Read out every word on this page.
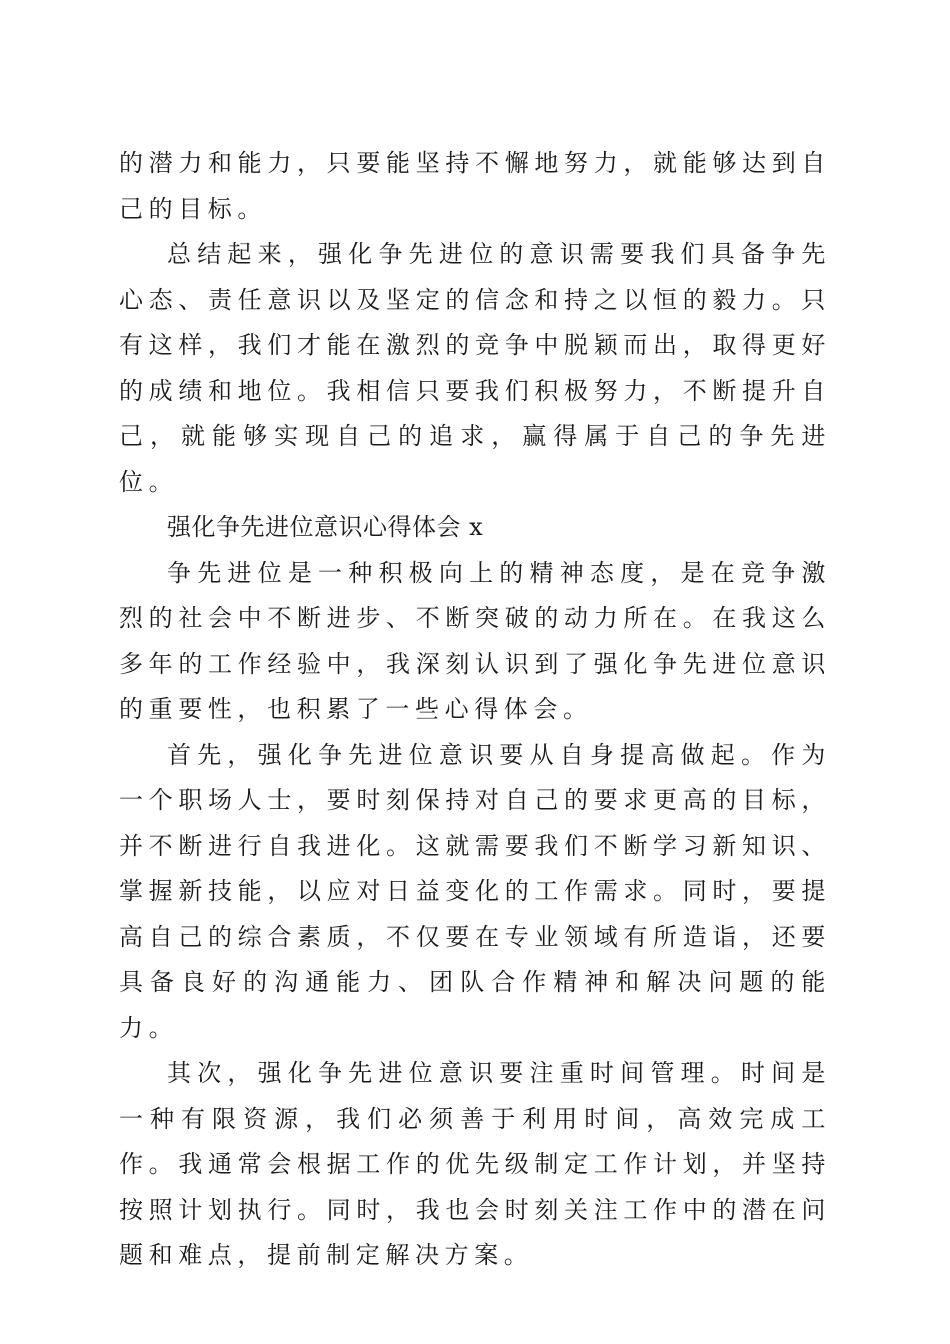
的潜力和能力，只要能坚持不懈地努力，就能够达到自己的目标。

总结起来，强化争先进位的意识需要我们具备争先心态、责任意识以及坚定的信念和持之以恒的毅力。只有这样，我们才能在激烈的竞争中脱颖而出，取得更好的成绩和地位。我相信只要我们积极努力，不断提升自己，就能够实现自己的追求，赢得属于自己的争先进位。

强化争先进位意识心得体会 x

争先进位是一种积极向上的精神态度，是在竞争激烈的社会中不断进步、不断突破的动力所在。在我这么多年的工作经验中，我深刻认识到了强化争先进位意识的重要性，也积累了一些心得体会。

首先，强化争先进位意识要从自身提高做起。作为一个职场人士，要时刻保持对自己的要求更高的目标，并不断进行自我进化。这就需要我们不断学习新知识、掌握新技能，以应对日益变化的工作需求。同时，要提高自己的综合素质，不仅要在专业领域有所造诣，还要具备良好的沟通能力、团队合作精神和解决问题的能力。

其次，强化争先进位意识要注重时间管理。时间是一种有限资源，我们必须善于利用时间，高效完成工作。我通常会根据工作的优先级制定工作计划，并坚持按照计划执行。同时，我也会时刻关注工作中的潜在问题和难点，提前制定解决方案。
